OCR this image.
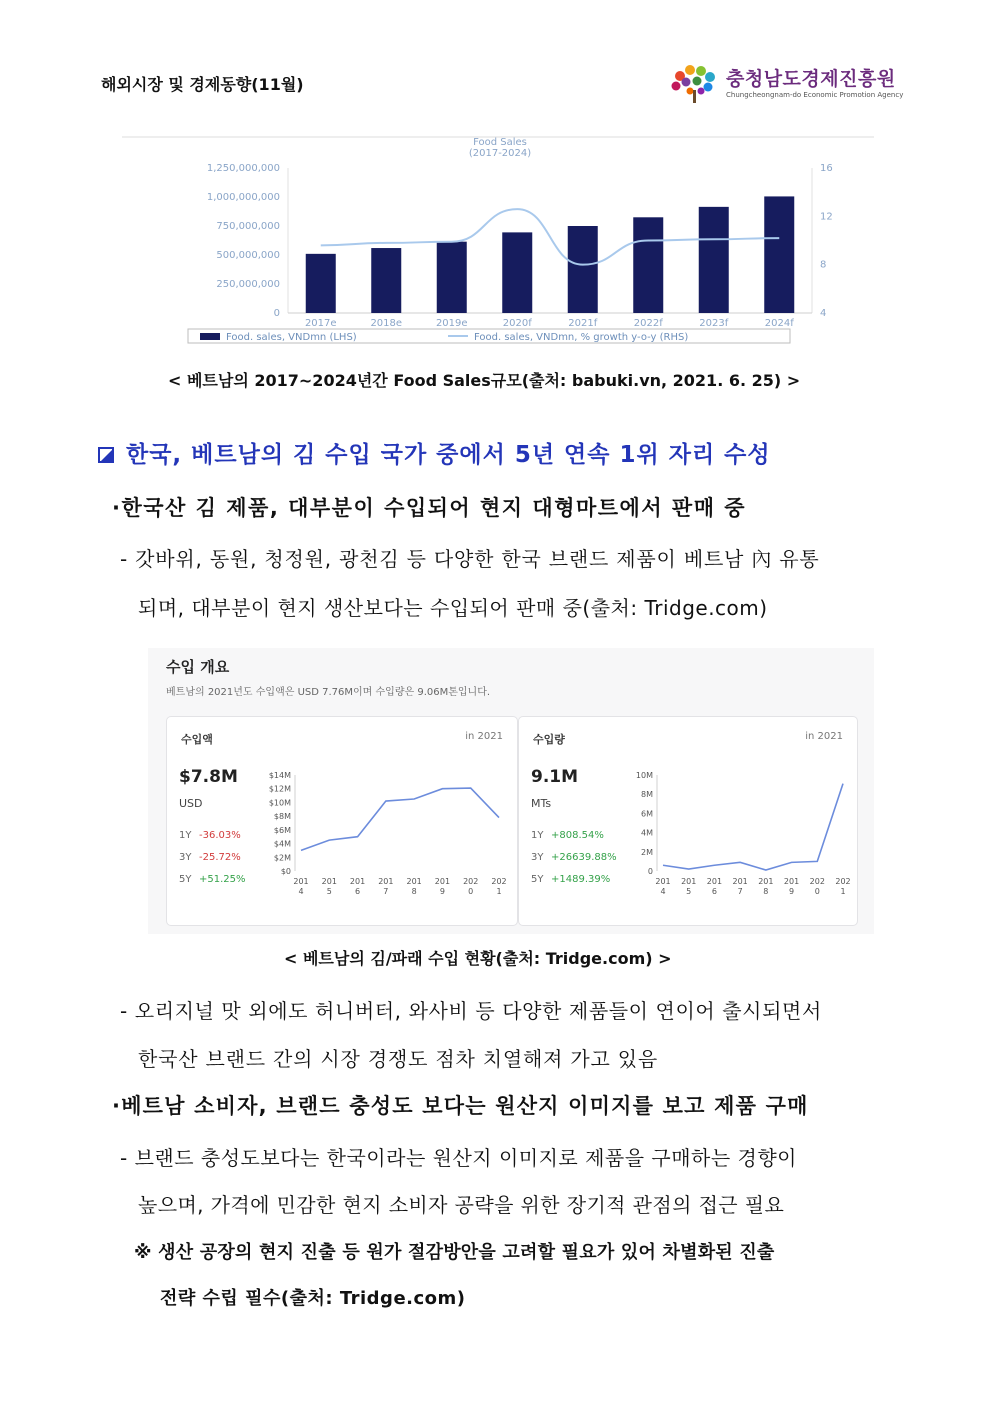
해외시장 및 경제동향(11월)	충청남도경제진흥원
Chungcheongnam-do Economic Promotion Agency
Food Sales
(2017-2024)
0
250,000,000
500,000,000
750,000,000
1,000,000,000
1,250,000,000
4
8
12
16
2017e	2018e	2019e	2020f	2021f	2022f	2023f	2024f
Food. sales, VNDmn (LHS)	Food. sales, VNDmn, % growth y-o-y (RHS)
< 베트남의 2017~2024년간 Food Sales규모(출처: babuki.vn, 2021. 6. 25) >
한국, 베트남의 김 수입 국가 중에서 5년 연속 1위 자리 수성
·한국산 김 제품, 대부분이 수입되어 현지 대형마트에서 판매 중
- 갓바위, 동원, 청정원, 광천김 등 다양한 한국 브랜드 제품이 베트남 內 유통
되며, 대부분이 현지 생산보다는 수입되어 판매 중(출처: Tridge.com)
수입 개요
베트남의 2021년도 수입액은 USD 7.76M이며 수입량은 9.06M톤입니다.
수입액	in 2021
$7.8M
USD
1Y -36.03%
3Y -25.72%
5Y +51.25%
$0
$2M
$4M
$6M
$8M
$10M
$12M
$14M
201
4
201
5
201
6
201
7
201
8
201
9
202
0
202
1
수입량	in 2021
9.1M
MTs
1Y +808.54%
3Y +26639.88%
5Y +1489.39%
0
2M
4M
6M
8M
10M
201
4
201
5
201
6
201
7
201
8
201
9
202
0
202
1
< 베트남의 김/파래 수입 현황(출처: Tridge.com) >
- 오리지널 맛 외에도 허니버터, 와사비 등 다양한 제품들이 연이어 출시되면서
한국산 브랜드 간의 시장 경쟁도 점차 치열해져 가고 있음
·베트남 소비자, 브랜드 충성도 보다는 원산지 이미지를 보고 제품 구매
- 브랜드 충성도보다는 한국이라는 원산지 이미지로 제품을 구매하는 경향이
높으며, 가격에 민감한 현지 소비자 공략을 위한 장기적 관점의 접근 필요
※ 생산 공장의 현지 진출 등 원가 절감방안을 고려할 필요가 있어 차별화된 진출
전략 수립 필수(출처: Tridge.com)
